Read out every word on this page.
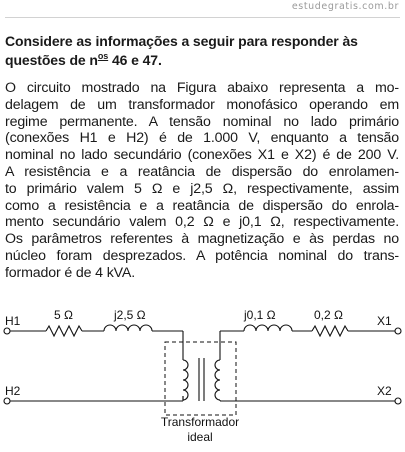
estudegratis.com.br
Considere as informações a seguir para responder às questões de $n^{os}$ 46 e 47.
O circuito mostrado na Figura abaixo representa a mo-
delagem de um transformador monofásico operando em
regime permanente. A tensão nominal no lado primário
(conexões H1 e H2) é de 1.000 V, enquanto a tensão
nominal no lado secundário (conexões X1 e X2) é de 200 V.
A resistência e a reatância de dispersão do enrolamen-
to primário valem 5 Ω e j2,5 Ω, respectivamente, assim
como a resistência e a reatância de dispersão do enrola-
mento secundário valem 0,2 Ω e j0,1 Ω, respectivamente.
Os parâmetros referentes à magnetização e às perdas no
núcleo foram desprezados. A potência nominal do trans-
formador é de 4 kVA.
H1
H2
X1
X2
5 Ω	j2,5 Ω	j0,1 Ω	0,2 Ω
Transformador
ideal
